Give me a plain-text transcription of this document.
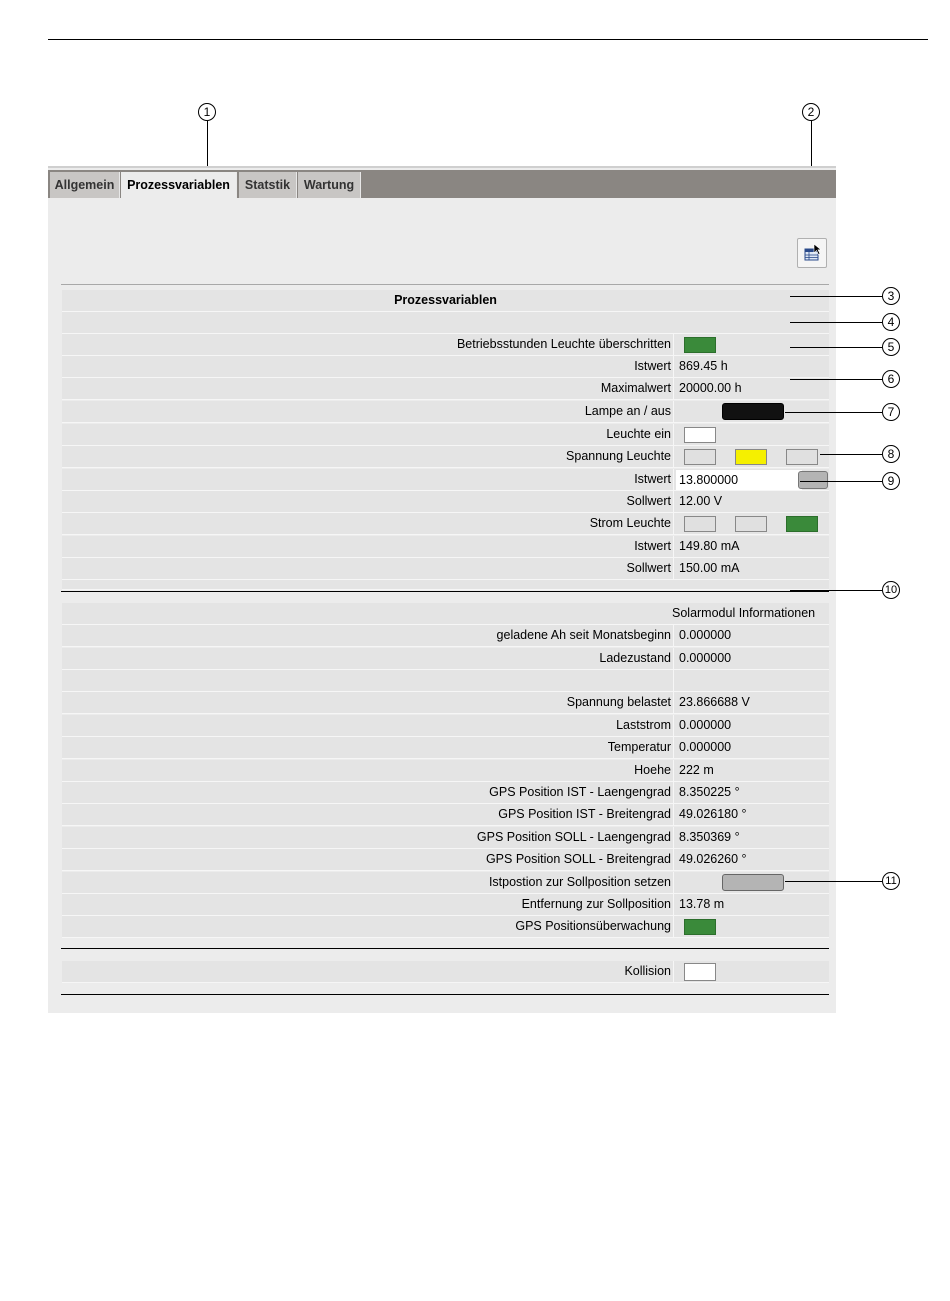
1	2
Allgemein	Prozessvariablen	Statstik	Wartung
Prozessvariablen
Betriebsstunden Leuchte überschritten
Istwert 869.45 h
Maximalwert 20000.00 h
Lampe an / aus
Leuchte ein
Spannung Leuchte
Istwert 13.800000
Sollwert 12.00 V
Strom Leuchte
Istwert 149.80 mA
Sollwert 150.00 mA
Solarmodul Informationen
geladene Ah seit Monatsbeginn 0.000000
Ladezustand 0.000000
Spannung belastet 23.866688 V
Laststrom 0.000000
Temperatur 0.000000
Hoehe 222 m
GPS Position IST - Laengengrad 8.350225 °
GPS Position IST - Breitengrad 49.026180 °
GPS Position SOLL - Laengengrad 8.350369 °
GPS Position SOLL - Breitengrad 49.026260 °
Istpostion zur Sollposition setzen
Entfernung zur Sollposition 13.78 m
GPS Positionsüberwachung
Kollision
3
4
5
6
7
8
9
10
11
